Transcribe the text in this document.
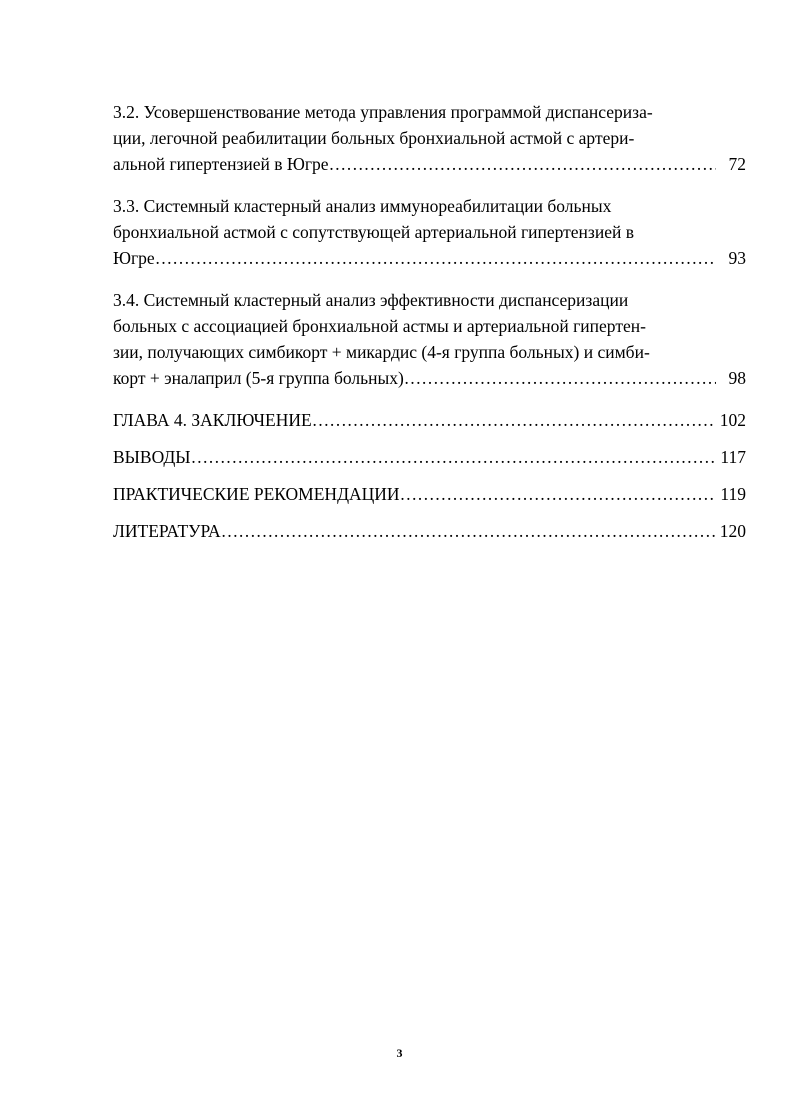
3.2. Усовершенствование метода управления программой диспансериза-
ции, легочной реабилитации больных бронхиальной астмой с артери-
альной гипертензией в Югре …………………………………………………………………………………………………………………………………………………………………………..	72
3.3. Системный кластерный анализ иммунореабилитации больных
бронхиальной астмой с сопутствующей артериальной гипертензией в
Югре …………………………………………………………………………………………………………………………………………………………………………..	93
3.4. Системный кластерный анализ эффективности диспансеризации
больных с ассоциацией бронхиальной астмы и артериальной гипертен-
зии, получающих симбикорт + микардис (4-я группа больных) и симби-
корт + эналаприл (5-я группа больных) …………………………………………………………………………………………………………………………………………………………………………..	98
ГЛАВА 4. ЗАКЛЮЧЕНИЕ …………………………………………………………………………………………………………………………………………………………………………..	102
ВЫВОДЫ …………………………………………………………………………………………………………………………………………………………………………..	117
ПРАКТИЧЕСКИЕ РЕКОМЕНДАЦИИ …………………………………………………………………………………………………………………………………………………………………………..	119
ЛИТЕРАТУРА …………………………………………………………………………………………………………………………………………………………………………..	120
3
